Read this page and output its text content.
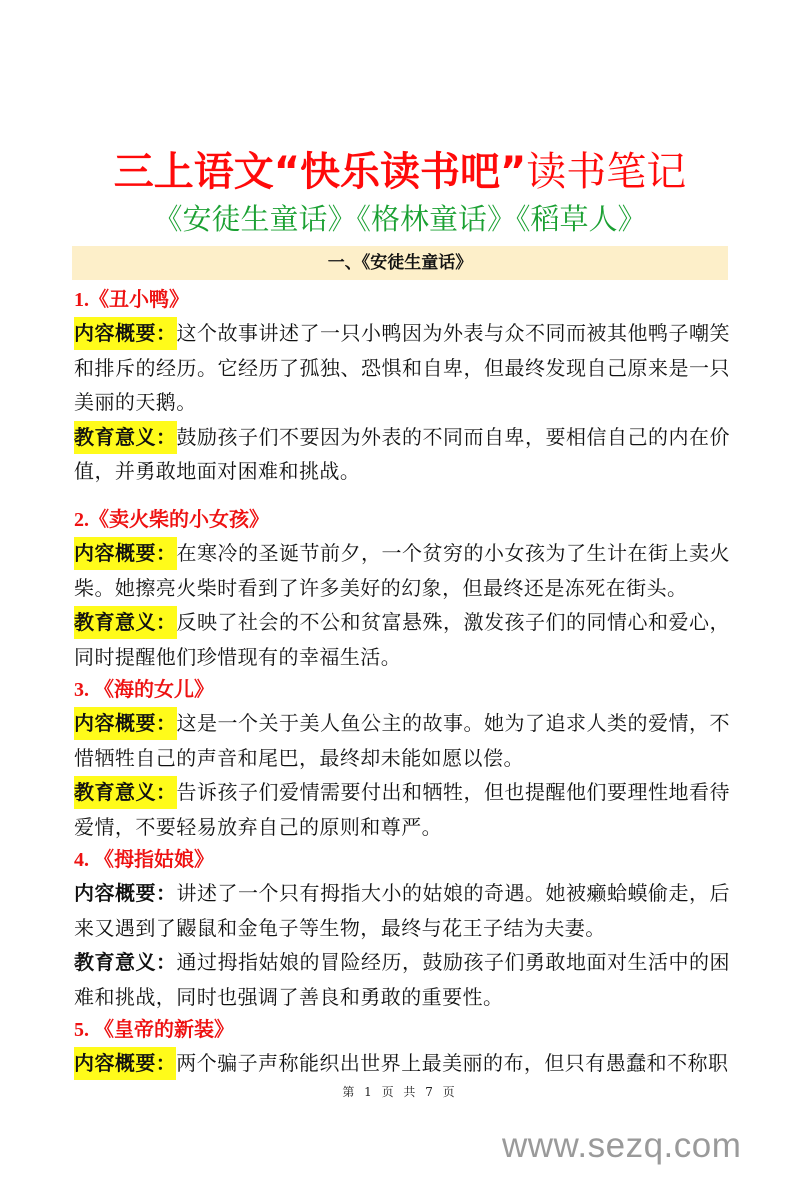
三上语文“快乐读书吧”读书笔记
《安徒生童话》《格林童话》《稻草人》
一、《安徒生童话》
1.《丑小鸭》

内容概要：这个故事讲述了一只小鸭因为外表与众不同而被其他鸭子嘲笑和排斥的经历。它经历了孤独、恐惧和自卑，但最终发现自己原来是一只美丽的天鹅。

教育意义：鼓励孩子们不要因为外表的不同而自卑，要相信自己的内在价值，并勇敢地面对困难和挑战。

2.《卖火柴的小女孩》

内容概要：在寒冷的圣诞节前夕，一个贫穷的小女孩为了生计在街上卖火柴。她擦亮火柴时看到了许多美好的幻象，但最终还是冻死在街头。

教育意义：反映了社会的不公和贫富悬殊，激发孩子们的同情心和爱心，同时提醒他们珍惜现有的幸福生活。

3. 《海的女儿》

内容概要：这是一个关于美人鱼公主的故事。她为了追求人类的爱情，不惜牺牲自己的声音和尾巴，最终却未能如愿以偿。

教育意义：告诉孩子们爱情需要付出和牺牲，但也提醒他们要理性地看待爱情，不要轻易放弃自己的原则和尊严。

4. 《拇指姑娘》

内容概要：讲述了一个只有拇指大小的姑娘的奇遇。她被癞蛤蟆偷走，后来又遇到了鼹鼠和金龟子等生物，最终与花王子结为夫妻。

教育意义：通过拇指姑娘的冒险经历，鼓励孩子们勇敢地面对生活中的困难和挑战，同时也强调了善良和勇敢的重要性。

5. 《皇帝的新装》

内容概要：两个骗子声称能织出世界上最美丽的布，但只有愚蠢和不称职

第 1 页 共 7 页
www.sezq.com
